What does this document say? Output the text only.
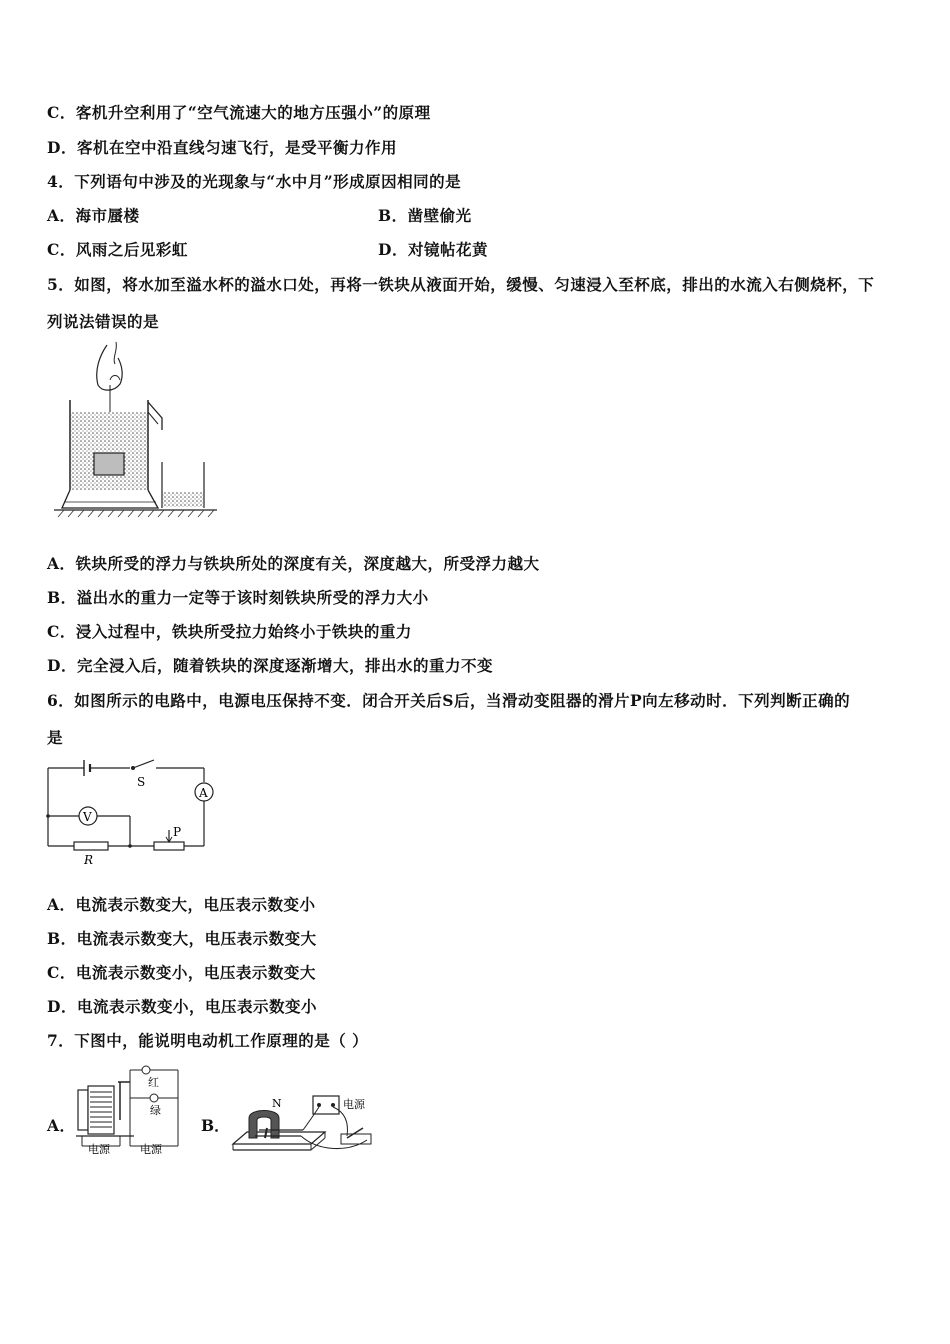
C．客机升空利用了“空气流速大的地方压强小”的原理
D．客机在空中沿直线匀速飞行，是受平衡力作用
4．下列语句中涉及的光现象与“水中月”形成原因相同的是
A．海市蜃楼	B．凿壁偷光
C．风雨之后见彩虹	D．对镜帖花黄
5．如图，将水加至溢水杯的溢水口处，再将一铁块从液面开始，缓慢、匀速浸入至杯底，排出的水流入右侧烧杯，下
列说法错误的是
A．铁块所受的浮力与铁块所处的深度有关，深度越大，所受浮力越大
B．溢出水的重力一定等于该时刻铁块所受的浮力大小
C．浸入过程中，铁块所受拉力始终小于铁块的重力
D．完全浸入后，随着铁块的深度逐渐增大，排出水的重力不变
6．如图所示的电路中，电源电压保持不变．闭合开关后S后，当滑动变阻器的滑片P向左移动时．下列判断正确的
是
S
A
V
R
P
A．电流表示数变大，电压表示数变小
B．电流表示数变大，电压表示数变大
C．电流表示数变小，电压表示数变大
D．电流表示数变小，电压表示数变小
7．下图中，能说明电动机工作原理的是（ ）
A．
电源
红
绿
电源
B．
N	电源
